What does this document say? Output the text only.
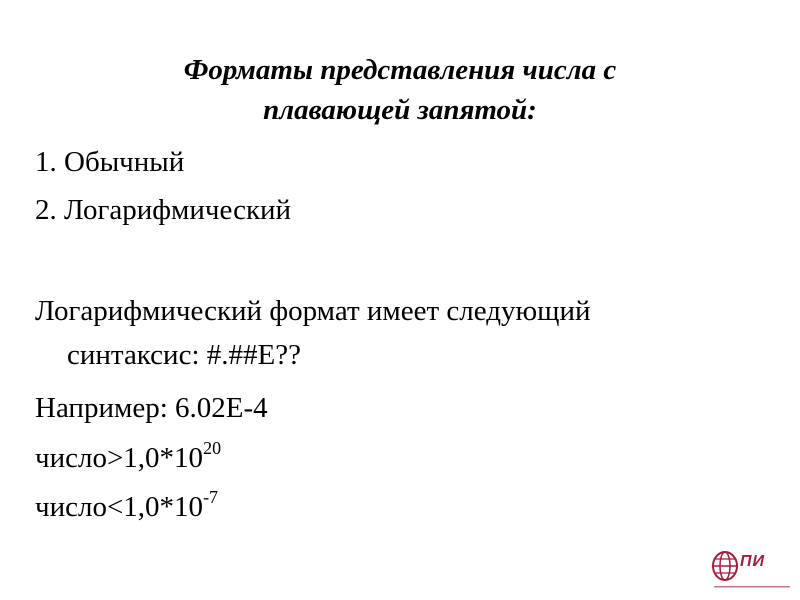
Форматы представления числа с
плавающей запятой:

1. Обычный

2. Логарифмический

Логарифмический формат имеет следующий

синтаксис: #.##Е??

Например: 6.02Е-4

$число>1,0*10^{20}$

$число<1,0*10^{-7}$

ПИ
